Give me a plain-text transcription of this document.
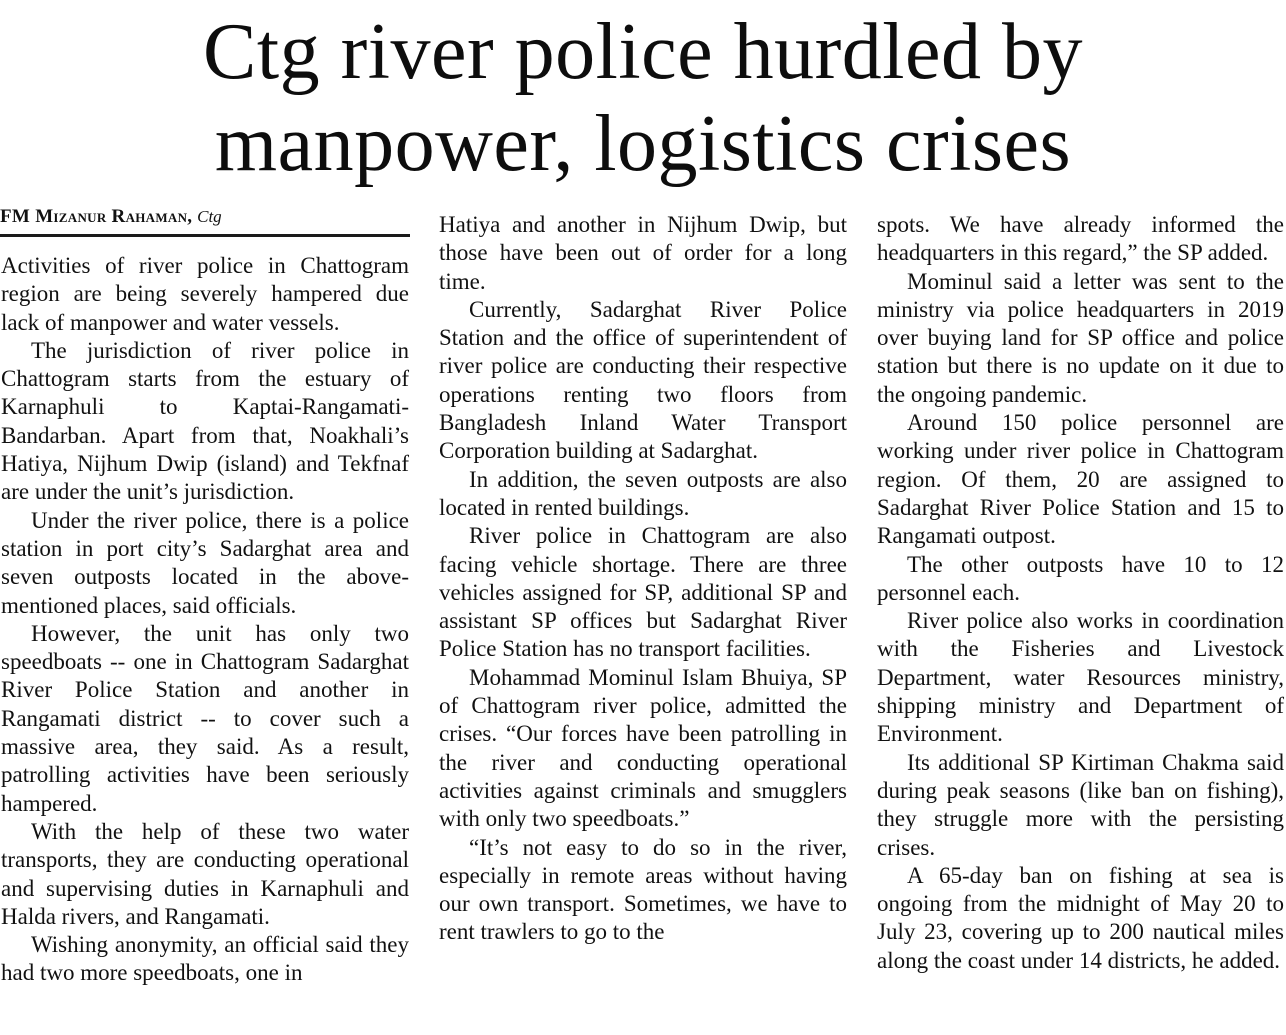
Ctg river police hurdled by
manpower, logistics crises
FM Mizanur Rahaman, Ctg

Activities of river police in Chattogram region are being severely hampered due lack of manpower and water vessels.

The jurisdiction of river police in Chattogram starts from the estuary of Karnaphuli to Kaptai-Rangamati-Bandarban. Apart from that, Noakhali’s Hatiya, Nijhum Dwip (island) and Tekfnaf are under the unit’s jurisdiction.

Under the river police, there is a police station in port city’s Sadarghat area and seven outposts located in the above-mentioned places, said officials.

However, the unit has only two speedboats -- one in Chattogram Sadarghat River Police Station and another in Rangamati district -- to cover such a massive area, they said. As a result, patrolling activities have been seriously hampered.

With the help of these two water transports, they are conducting operational and supervising duties in Karnaphuli and Halda rivers, and Rangamati.

Wishing anonymity, an official said they had two more speedboats, one in

Hatiya and another in Nijhum Dwip, but those have been out of order for a long time.

Currently, Sadarghat River Police Station and the office of superintendent of river police are conducting their respective operations renting two floors from Bangladesh Inland Water Transport Corporation building at Sadarghat.

In addition, the seven outposts are also located in rented buildings.

River police in Chattogram are also facing vehicle shortage. There are three vehicles assigned for SP, additional SP and assistant SP offices but Sadarghat River Police Station has no transport facilities.

Mohammad Mominul Islam Bhuiya, SP of Chattogram river police, admitted the crises. “Our forces have been patrolling in the river and conducting operational activities against criminals and smugglers with only two speedboats.”

“It’s not easy to do so in the river, especially in remote areas without having our own transport. Sometimes, we have to rent trawlers to go to the

spots. We have already informed the headquarters in this regard,” the SP added.

Mominul said a letter was sent to the ministry via police headquarters in 2019 over buying land for SP office and police station but there is no update on it due to the ongoing pandemic.

Around 150 police personnel are working under river police in Chattogram region. Of them, 20 are assigned to Sadarghat River Police Station and 15 to Rangamati outpost.

The other outposts have 10 to 12 personnel each.

River police also works in coordination with the Fisheries and Livestock Department, water Resources ministry, shipping ministry and Department of Environment.

Its additional SP Kirtiman Chakma said during peak seasons (like ban on fishing), they struggle more with the persisting crises.

A 65-day ban on fishing at sea is ongoing from the midnight of May 20 to July 23, covering up to 200 nautical miles along the coast under 14 districts, he added.
